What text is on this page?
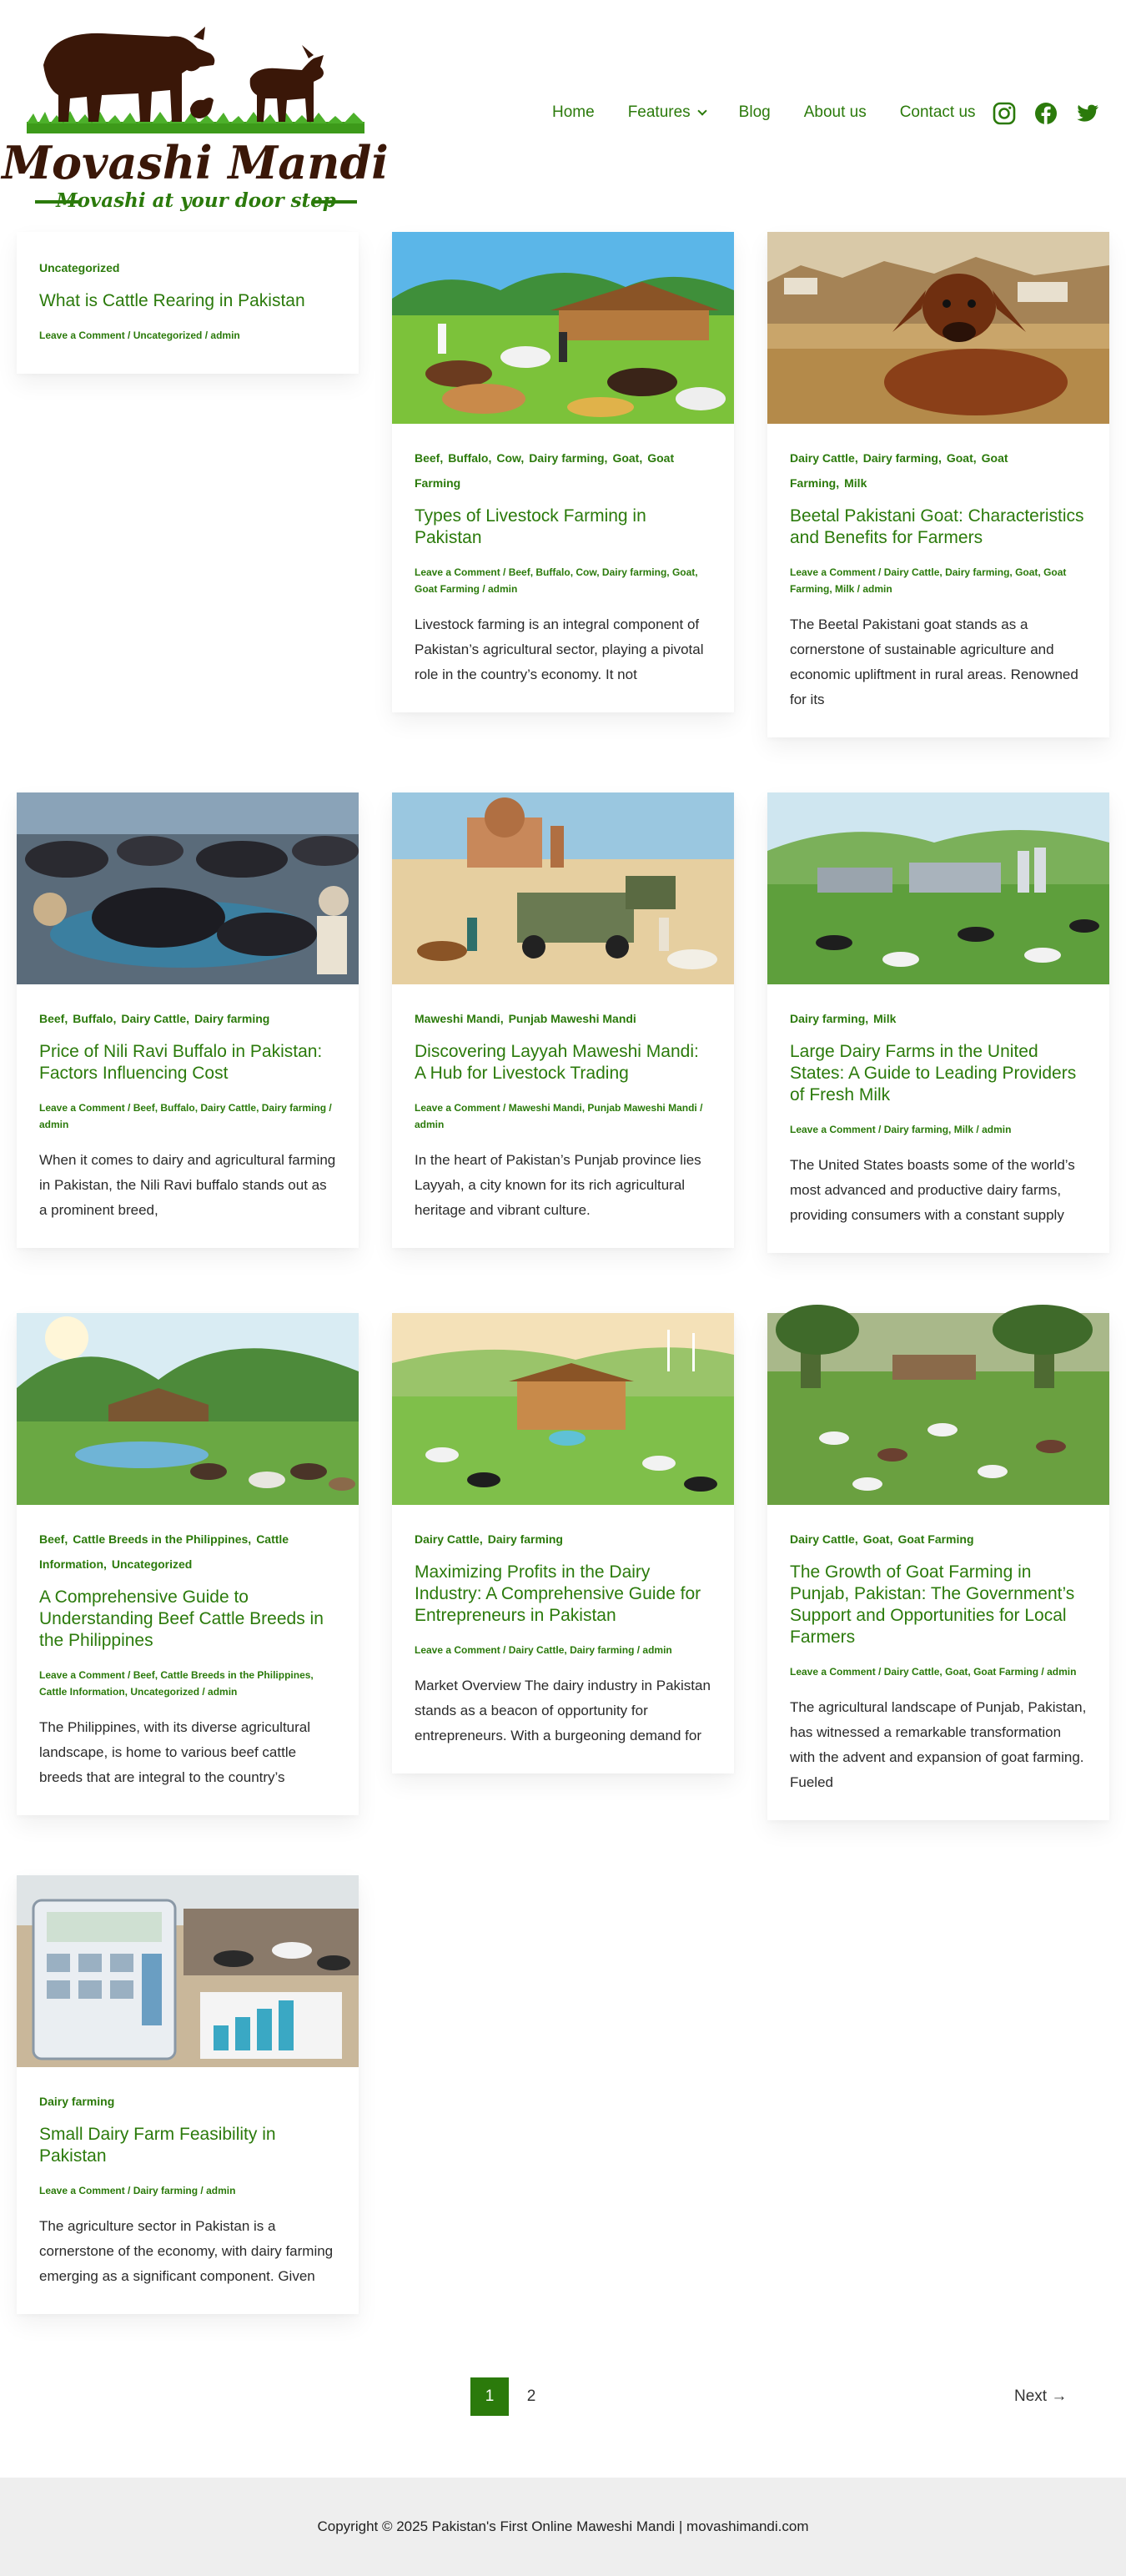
Movashi Mandi
Movashi at your door step
Home Features	Blog About us Contact us
Uncategorized
What is Cattle Rearing in Pakistan
Leave a Comment / Uncategorized / admin
Beef, Buffalo, Cow, Dairy farming, Goat, Goat Farming
Types of Livestock Farming in Pakistan
Leave a Comment / Beef, Buffalo, Cow, Dairy farming, Goat, Goat Farming / admin

Livestock farming is an integral component of Pakistan’s agricultural sector, playing a pivotal role in the country’s economy. It not

Dairy Cattle, Dairy farming, Goat, Goat Farming, Milk
Beetal Pakistani Goat: Characteristics and Benefits for Farmers
Leave a Comment / Dairy Cattle, Dairy farming, Goat, Goat Farming, Milk / admin

The Beetal Pakistani goat stands as a cornerstone of sustainable agriculture and economic upliftment in rural areas. Renowned for its

Beef, Buffalo, Dairy Cattle, Dairy farming
Price of Nili Ravi Buffalo in Pakistan: Factors Influencing Cost
Leave a Comment / Beef, Buffalo, Dairy Cattle, Dairy farming / admin

When it comes to dairy and agricultural farming in Pakistan, the Nili Ravi buffalo stands out as a prominent breed,

Maweshi Mandi, Punjab Maweshi Mandi
Discovering Layyah Maweshi Mandi: A Hub for Livestock Trading
Leave a Comment / Maweshi Mandi, Punjab Maweshi Mandi / admin

In the heart of Pakistan’s Punjab province lies Layyah, a city known for its rich agricultural heritage and vibrant culture.

Dairy farming, Milk
Large Dairy Farms in the United States: A Guide to Leading Providers of Fresh Milk
Leave a Comment / Dairy farming, Milk / admin

The United States boasts some of the world’s most advanced and productive dairy farms, providing consumers with a constant supply

Beef, Cattle Breeds in the Philippines, Cattle Information, Uncategorized
A Comprehensive Guide to Understanding Beef Cattle Breeds in the Philippines
Leave a Comment / Beef, Cattle Breeds in the Philippines, Cattle Information, Uncategorized / admin

The Philippines, with its diverse agricultural landscape, is home to various beef cattle breeds that are integral to the country’s

Dairy Cattle, Dairy farming
Maximizing Profits in the Dairy Industry: A Comprehensive Guide for Entrepreneurs in Pakistan
Leave a Comment / Dairy Cattle, Dairy farming / admin

Market Overview The dairy industry in Pakistan stands as a beacon of opportunity for entrepreneurs. With a burgeoning demand for

Dairy Cattle, Goat, Goat Farming
The Growth of Goat Farming in Punjab, Pakistan: The Government’s Support and Opportunities for Local Farmers
Leave a Comment / Dairy Cattle, Goat, Goat Farming / admin

The agricultural landscape of Punjab, Pakistan, has witnessed a remarkable transformation with the advent and expansion of goat farming. Fueled

Dairy farming
Small Dairy Farm Feasibility in Pakistan
Leave a Comment / Dairy farming / admin

The agriculture sector in Pakistan is a cornerstone of the economy, with dairy farming emerging as a significant component. Given

1	2	Next →
Copyright © 2025 Pakistan's First Online Maweshi Mandi | movashimandi.com
